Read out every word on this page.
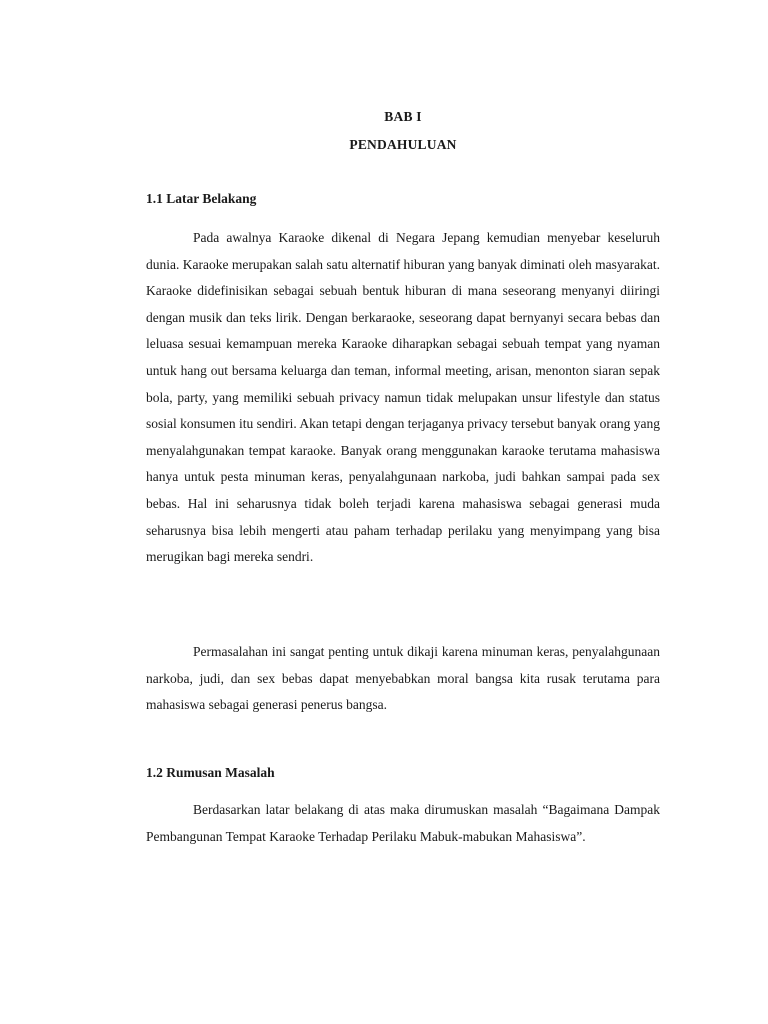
BAB I
PENDAHULUAN
1.1 Latar Belakang

Pada awalnya Karaoke dikenal di Negara Jepang kemudian menyebar keseluruh dunia. Karaoke merupakan salah satu alternatif hiburan yang banyak diminati oleh masyarakat. Karaoke didefinisikan sebagai sebuah bentuk hiburan di mana seseorang menyanyi diiringi dengan musik dan teks lirik. Dengan berkaraoke, seseorang dapat bernyanyi secara bebas dan leluasa sesuai kemampuan mereka Karaoke diharapkan sebagai sebuah tempat yang nyaman untuk hang out bersama keluarga dan teman, informal meeting, arisan, menonton siaran sepak bola, party, yang memiliki sebuah privacy namun tidak melupakan unsur lifestyle dan status sosial konsumen itu sendiri. Akan tetapi dengan terjaganya privacy tersebut banyak orang yang menyalahgunakan tempat karaoke. Banyak orang menggunakan karaoke terutama mahasiswa hanya untuk pesta minuman keras, penyalahgunaan narkoba, judi bahkan sampai pada sex bebas. Hal ini seharusnya tidak boleh terjadi karena mahasiswa sebagai generasi muda seharusnya bisa lebih mengerti atau paham terhadap perilaku yang menyimpang yang bisa merugikan bagi mereka sendri.

Permasalahan ini sangat penting untuk dikaji karena minuman keras, penyalahgunaan narkoba, judi, dan sex bebas dapat menyebabkan moral bangsa kita rusak terutama para mahasiswa sebagai generasi penerus bangsa.

1.2 Rumusan Masalah

Berdasarkan latar belakang di atas maka dirumuskan masalah “Bagaimana Dampak Pembangunan Tempat Karaoke Terhadap Perilaku Mabuk-mabukan Mahasiswa”.
